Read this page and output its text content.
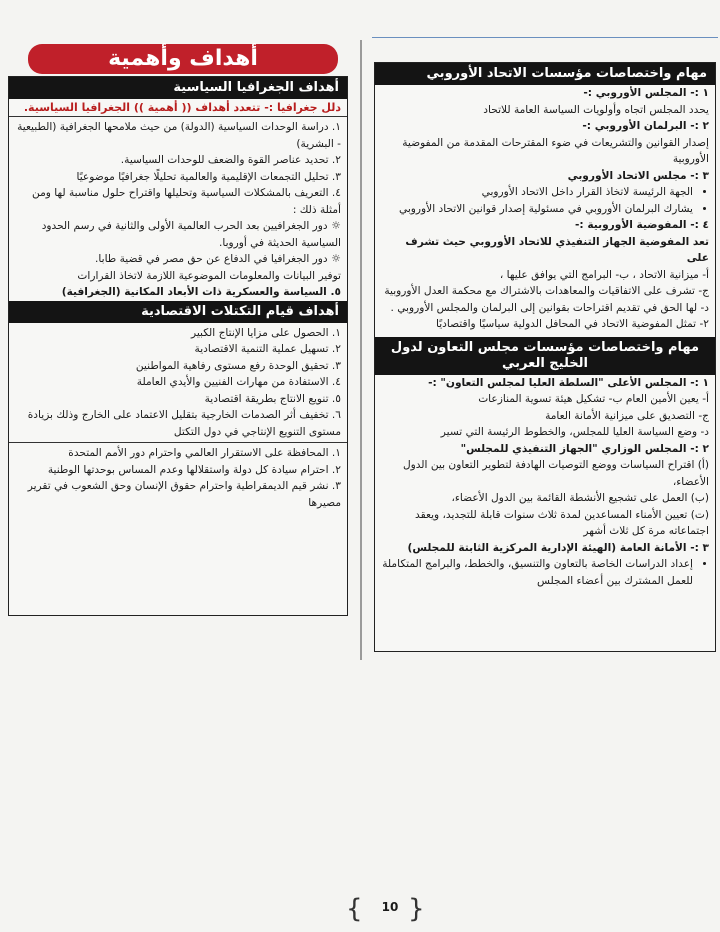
أهداف وأهمية
أهداف الجغرافيا السياسية
دلل جغرافيا :- تتعدد أهداف (( أهمية )) الجغرافيا السياسية.

١. دراسة الوحدات السياسية (الدولة) من حيث ملامحها الجغرافية (الطبيعية - البشرية)

٢. تحديد عناصر القوة والضعف للوحدات السياسية.

٣. تحليل التجمعات الإقليمية والعالمية تحليلًا جغرافيًا موضوعيًا

٤. التعريف بالمشكلات السياسية وتحليلها واقتراح حلول مناسبة لها ومن أمثلة ذلك :

☼ دور الجغرافيين بعد الحرب العالمية الأولى والثانية في رسم الحدود السياسية الحديثة في أوروبا.

☼ دور الجغرافيا في الدفاع عن حق مصر في قضية طابا.

توفير البيانات والمعلومات الموضوعية اللازمة لاتخاذ القرارات

٥. السياسة والعسكرية ذات الأبعاد المكانية (الجغرافية)

أهداف قيام التكتلات الاقتصادية

١. الحصول على مزايا الإنتاج الكبير

٢. تسهيل عملية التنمية الاقتصادية

٣. تحقيق الوحدة رفع مستوى رفاهية المواطنين

٤. الاستفادة من مهارات الفنيين والأيدي العاملة

٥. تنويع الانتاج بطريقة اقتصادية

٦. تخفيف أثر الصدمات الخارجية بتقليل الاعتماد على الخارج وذلك بزيادة مستوى التنويع الإنتاجي في دول التكتل

١. المحافظة على الاستقرار العالمي واحترام دور الأمم المتحدة

٢. احترام سيادة كل دولة واستقلالها وعدم المساس بوحدتها الوطنية

٣. نشر قيم الديمقراطية واحترام حقوق الإنسان وحق الشعوب في تقرير مصيرها

مهام واختصاصات مؤسسات الاتحاد الأوروبي

١ :- المجلس الأوروبي :-

يحدد المجلس اتجاه وأولويات السياسة العامة للاتحاد

٢ :- البرلمان الأوروبي :-

إصدار القوانين والتشريعات في ضوء المقترحات المقدمة من المفوضية الأوروبية

٣ :- مجلس الاتحاد الأوروبي

• الجهة الرئيسة لاتخاذ القرار داخل الاتحاد الأوروبي
• يشارك البرلمان الأوروبي في مسئولية إصدار قوانين الاتحاد الأوروبي

٤ :- المفوضية الأوروبية :-

تعد المفوضية الجهاز التنفيذي للاتحاد الأوروبي حيث تشرف على

أ- ميزانية الاتحاد ، ب- البرامج التي يوافق عليها ،

ج- تشرف على الاتفاقيات والمعاهدات بالاشتراك مع محكمة العدل الأوروبية

د- لها الحق في تقديم اقتراحات بقوانين إلى البرلمان والمجلس الأوروبي .

٢- تمثل المفوضية الاتحاد في المحافل الدولية سياسيًا واقتصاديًا

مهام واختصاصات مؤسسات مجلس التعاون لدول الخليج العربي

١ :- المجلس الأعلى "السلطة العليا لمجلس التعاون" :-

أ- يعين الأمين العام ب- تشكيل هيئة تسوية المنازعات

ج- التصديق على ميزانية الأمانة العامة

د- وضع السياسة العليا للمجلس، والخطوط الرئيسة التي تسير

٢ :- المجلس الوزاري "الجهاز التنفيذي للمجلس"

(أ) اقتراح السياسات ووضع التوصيات الهادفة لتطوير التعاون بين الدول الأعضاء،

(ب) العمل على تشجيع الأنشطة القائمة بين الدول الأعضاء،

(ت) تعيين الأمناء المساعدين لمدة ثلاث سنوات قابلة للتجديد، ويعقد اجتماعاته مرة كل ثلاث أشهر

٣ :- الأمانة العامة (الهيئة الإدارية المركزية الثابتة للمجلس)

• إعداد الدراسات الخاصة بالتعاون والتنسيق، والخطط، والبرامج المتكاملة للعمل المشترك بين أعضاء المجلس
{	10 }
